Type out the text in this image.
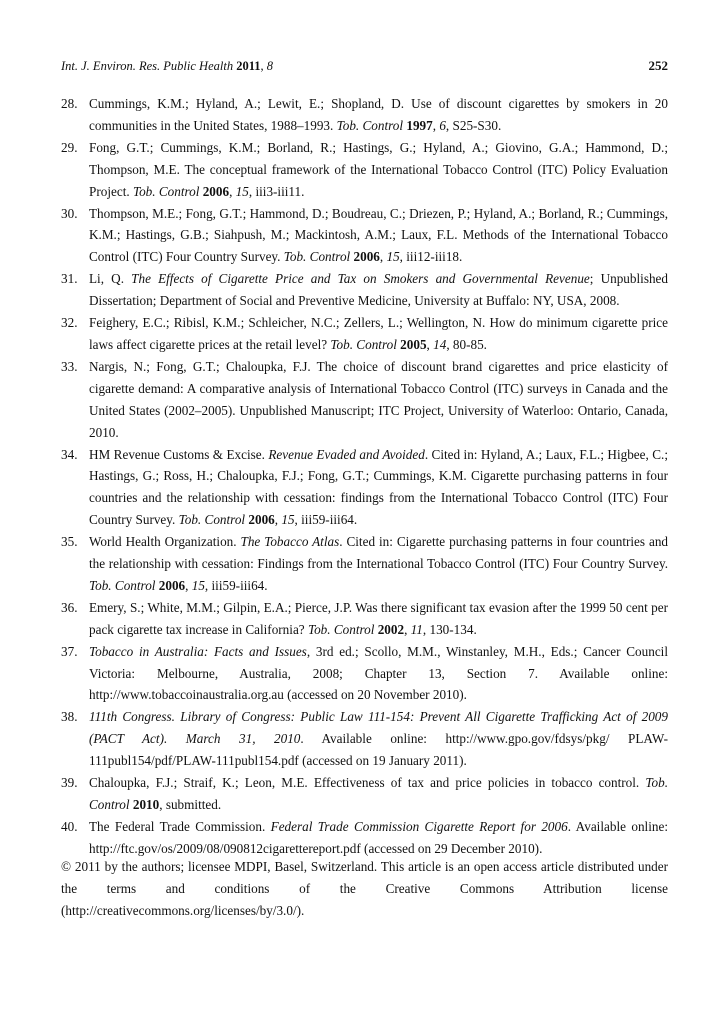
Int. J. Environ. Res. Public Health 2011, 8	252
28. Cummings, K.M.; Hyland, A.; Lewit, E.; Shopland, D. Use of discount cigarettes by smokers in 20 communities in the United States, 1988–1993. Tob. Control 1997, 6, S25-S30.
29. Fong, G.T.; Cummings, K.M.; Borland, R.; Hastings, G.; Hyland, A.; Giovino, G.A.; Hammond, D.; Thompson, M.E. The conceptual framework of the International Tobacco Control (ITC) Policy Evaluation Project. Tob. Control 2006, 15, iii3-iii11.
30. Thompson, M.E.; Fong, G.T.; Hammond, D.; Boudreau, C.; Driezen, P.; Hyland, A.; Borland, R.; Cummings, K.M.; Hastings, G.B.; Siahpush, M.; Mackintosh, A.M.; Laux, F.L. Methods of the International Tobacco Control (ITC) Four Country Survey. Tob. Control 2006, 15, iii12-iii18.
31. Li, Q. The Effects of Cigarette Price and Tax on Smokers and Governmental Revenue; Unpublished Dissertation; Department of Social and Preventive Medicine, University at Buffalo: NY, USA, 2008.
32. Feighery, E.C.; Ribisl, K.M.; Schleicher, N.C.; Zellers, L.; Wellington, N. How do minimum cigarette price laws affect cigarette prices at the retail level? Tob. Control 2005, 14, 80-85.
33. Nargis, N.; Fong, G.T.; Chaloupka, F.J. The choice of discount brand cigarettes and price elasticity of cigarette demand: A comparative analysis of International Tobacco Control (ITC) surveys in Canada and the United States (2002–2005). Unpublished Manuscript; ITC Project, University of Waterloo: Ontario, Canada, 2010.
34. HM Revenue Customs & Excise. Revenue Evaded and Avoided. Cited in: Hyland, A.; Laux, F.L.; Higbee, C.; Hastings, G.; Ross, H.; Chaloupka, F.J.; Fong, G.T.; Cummings, K.M. Cigarette purchasing patterns in four countries and the relationship with cessation: findings from the International Tobacco Control (ITC) Four Country Survey. Tob. Control 2006, 15, iii59-iii64.
35. World Health Organization. The Tobacco Atlas. Cited in: Cigarette purchasing patterns in four countries and the relationship with cessation: Findings from the International Tobacco Control (ITC) Four Country Survey. Tob. Control 2006, 15, iii59-iii64.
36. Emery, S.; White, M.M.; Gilpin, E.A.; Pierce, J.P. Was there significant tax evasion after the 1999 50 cent per pack cigarette tax increase in California? Tob. Control 2002, 11, 130-134.
37. Tobacco in Australia: Facts and Issues, 3rd ed.; Scollo, M.M., Winstanley, M.H., Eds.; Cancer Council Victoria: Melbourne, Australia, 2008; Chapter 13, Section 7. Available online: http://www.tobaccoinaustralia.org.au (accessed on 20 November 2010).
38. 111th Congress. Library of Congress: Public Law 111-154: Prevent All Cigarette Trafficking Act of 2009 (PACT Act). March 31, 2010. Available online: http://www.gpo.gov/fdsys/pkg/ PLAW-111publ154/pdf/PLAW-111publ154.pdf (accessed on 19 January 2011).
39. Chaloupka, F.J.; Straif, K.; Leon, M.E. Effectiveness of tax and price policies in tobacco control. Tob. Control 2010, submitted.
40. The Federal Trade Commission. Federal Trade Commission Cigarette Report for 2006. Available online: http://ftc.gov/os/2009/08/090812cigarettereport.pdf (accessed on 29 December 2010).
© 2011 by the authors; licensee MDPI, Basel, Switzerland. This article is an open access article distributed under the terms and conditions of the Creative Commons Attribution license (http://creativecommons.org/licenses/by/3.0/).
